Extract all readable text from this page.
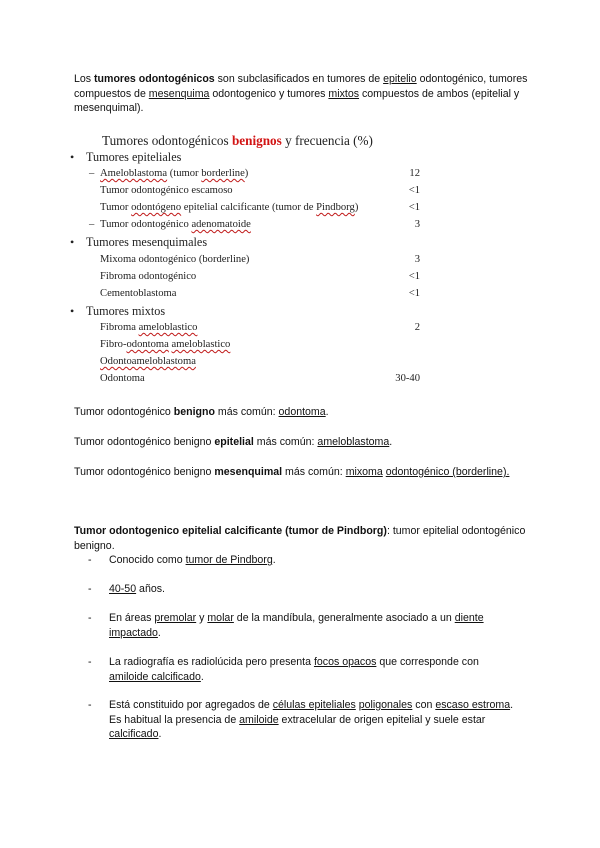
Los tumores odontogénicos son subclasificados en tumores de epitelio odontogénico, tumores compuestos de mesenquima odontogenico y tumores mixtos compuestos de ambos (epitelial y mesenquimal).

Tumores odontogénicos benignos y frecuencia (%)
• Tumores epiteliales
– Ameloblastoma (tumor borderline)	12
Tumor odontogénico escamoso	<1
Tumor odontógeno epitelial calcificante (tumor de Pindborg)	<1
– Tumor odontogénico adenomatoide	3
• Tumores mesenquimales
Mixoma odontogénico (borderline)	3
Fibroma odontogénico	<1
Cementoblastoma	<1
• Tumores mixtos
Fibroma ameloblastico	2
Fibro-odontoma ameloblastico
Odontoameloblastoma
Odontoma	30-40

Tumor odontogénico benigno más común: odontoma.

Tumor odontogénico benigno epitelial más común: ameloblastoma.

Tumor odontogénico benigno mesenquimal más común: mixoma odontogénico (borderline).

Tumor odontogenico epitelial calcificante (tumor de Pindborg): tumor epitelial odontogénico benigno.

- Conocido como tumor de Pindborg.
- 40-50 años.
- En áreas premolar y molar de la mandíbula, generalmente asociado a un diente impactado.
- La radiografía es radiolúcida pero presenta focos opacos que corresponde con amiloide calcificado.
- Está constituido por agregados de células epiteliales poligonales con escaso estroma. Es habitual la presencia de amiloide extracelular de origen epitelial y suele estar calcificado.
